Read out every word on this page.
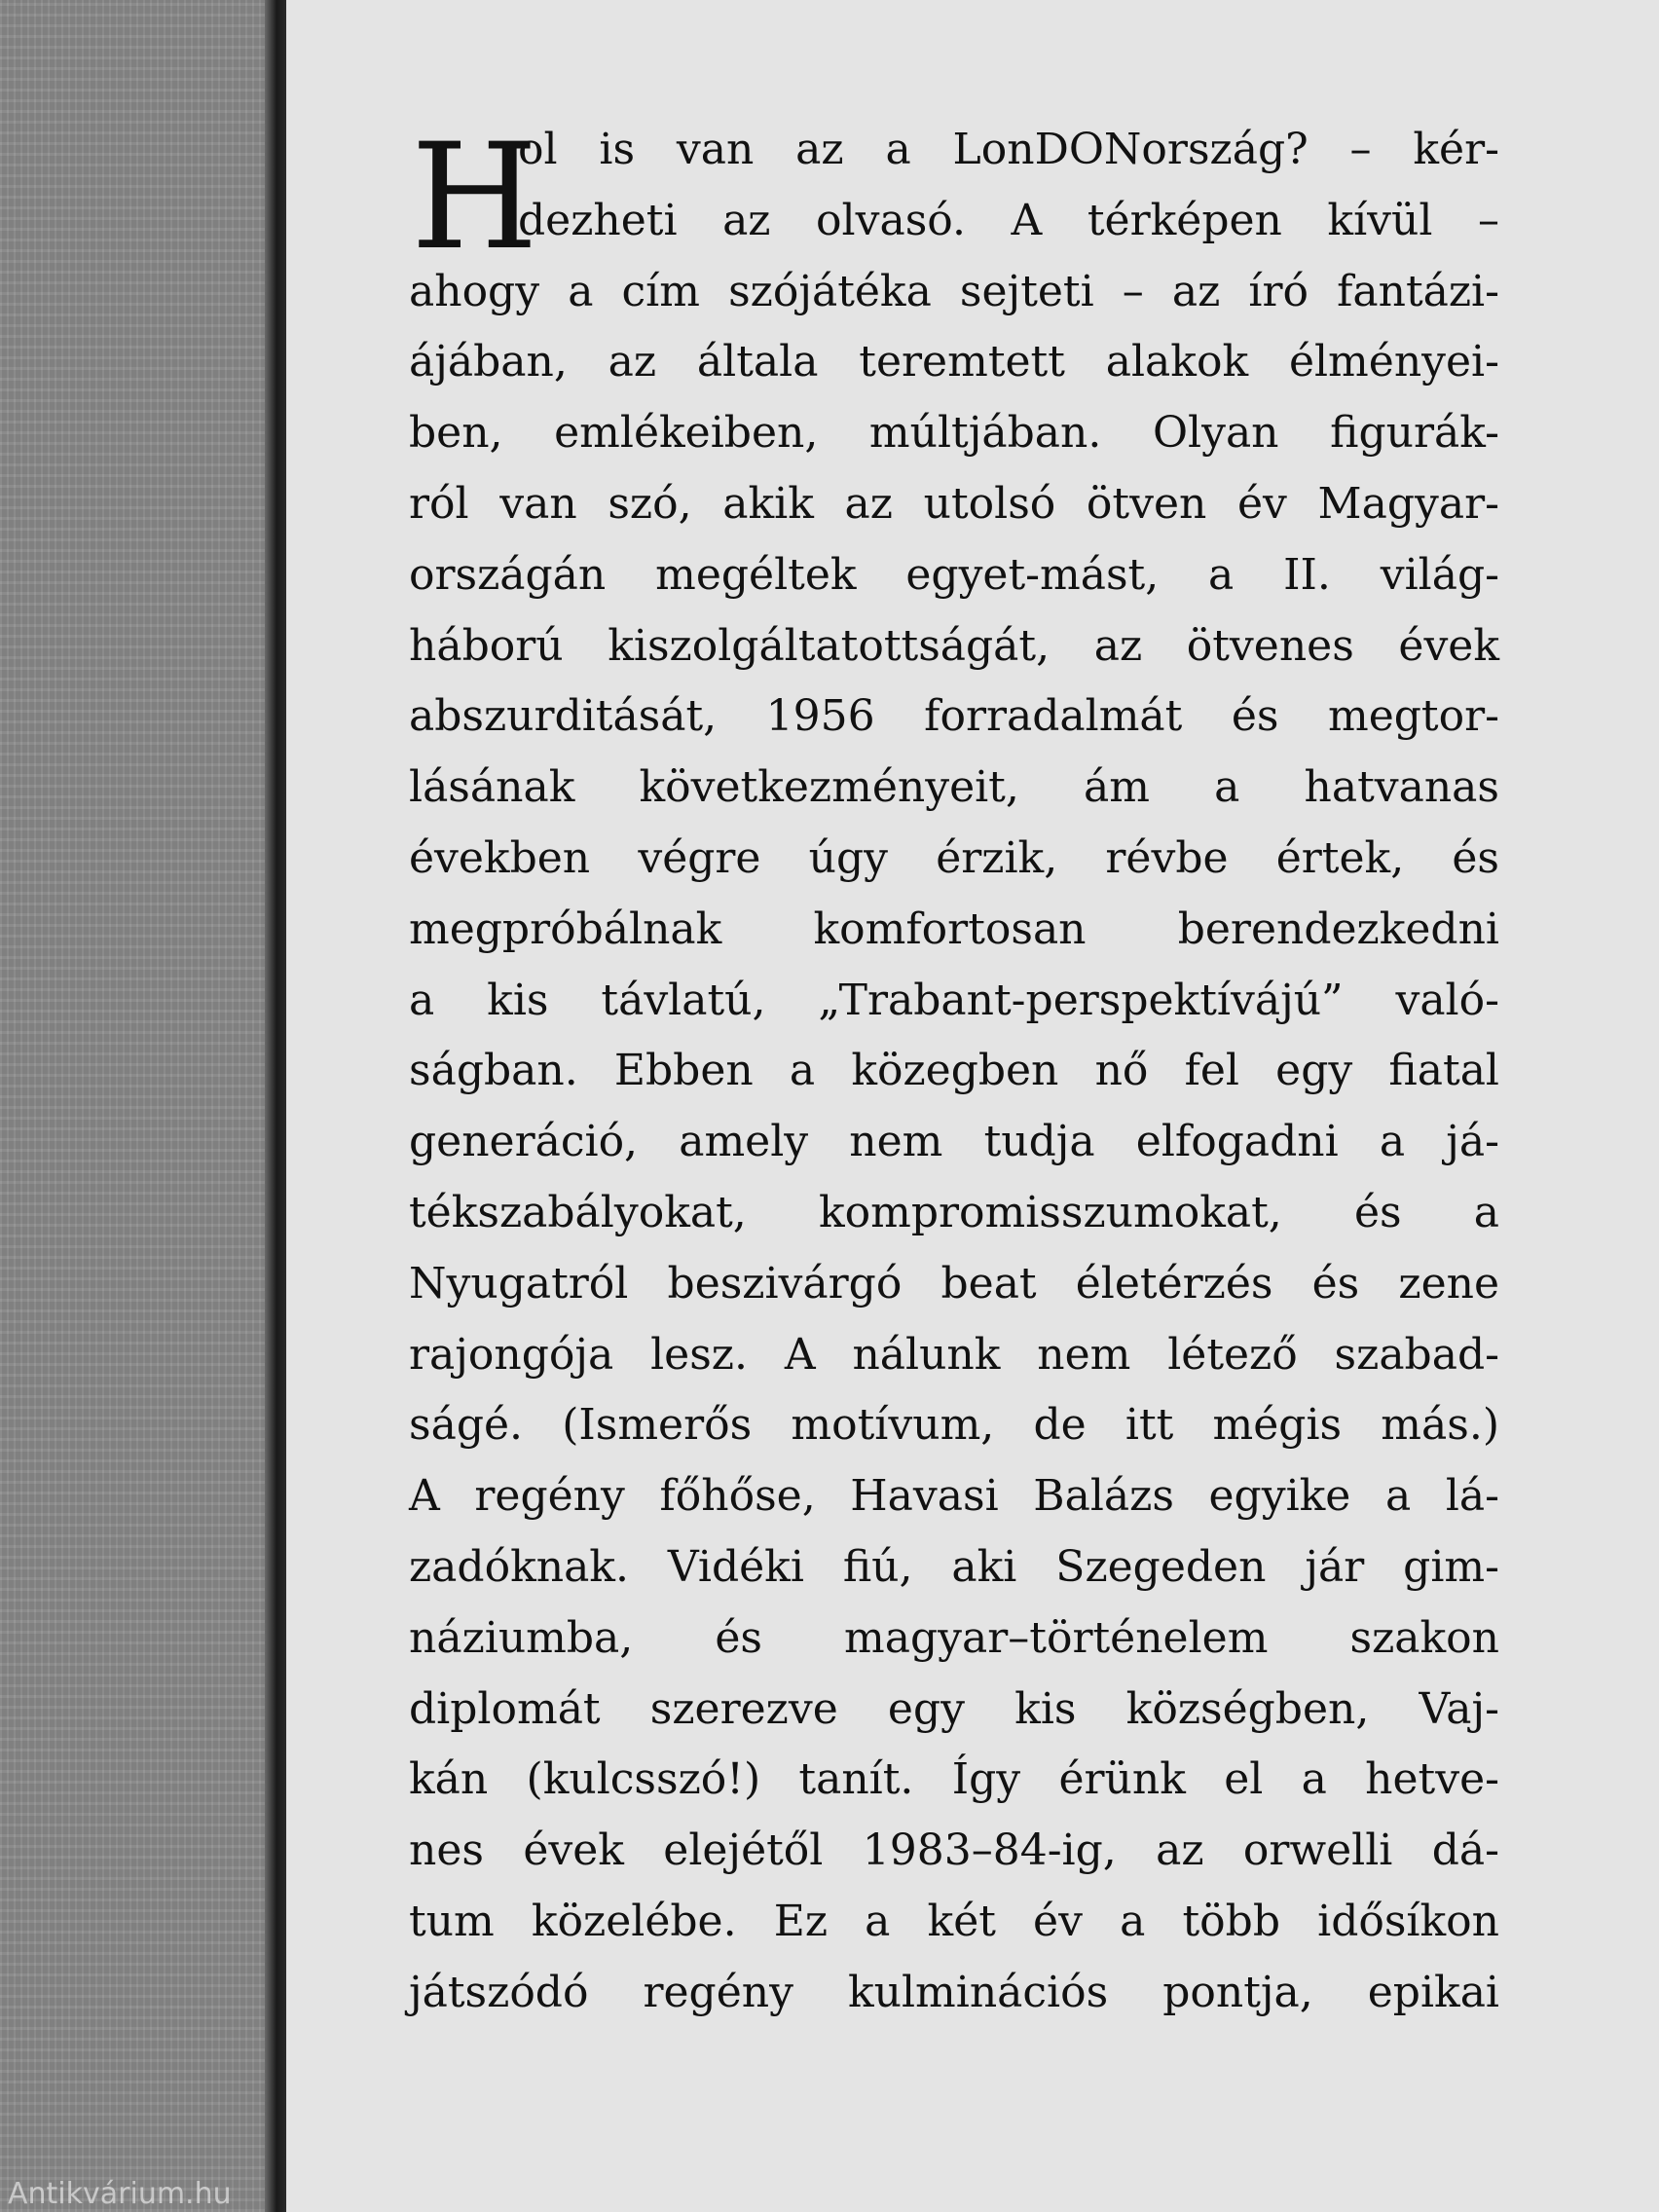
H
ol is van az a LonDONország? – kér-
dezheti az olvasó. A térképen kívül –
ahogy a cím szójátéka sejteti – az író fantázi-
ájában, az általa teremtett alakok élményei-
ben, emlékeiben, múltjában. Olyan figurák-
ról van szó, akik az utolsó ötven év Magyar-
országán megéltek egyet-mást, a II. világ-
háború kiszolgáltatottságát, az ötvenes évek
abszurditását, 1956 forradalmát és megtor-
lásának következményeit, ám a hatvanas
években végre úgy érzik, révbe értek, és
megpróbálnak komfortosan berendezkedni
a kis távlatú, „Trabant-perspektívájú” való-
ságban. Ebben a közegben nő fel egy fiatal
generáció, amely nem tudja elfogadni a já-
tékszabályokat, kompromisszumokat, és a
Nyugatról beszivárgó beat életérzés és zene
rajongója lesz. A nálunk nem létező szabad-
ságé. (Ismerős motívum, de itt mégis más.)
A regény főhőse, Havasi Balázs egyike a lá-
zadóknak. Vidéki fiú, aki Szegeden jár gim-
náziumba, és magyar–történelem szakon
diplomát szerezve egy kis községben, Vaj-
kán (kulcsszó!) tanít. Így érünk el a hetve-
nes évek elejétől 1983–84-ig, az orwelli dá-
tum közelébe. Ez a két év a több idősíkon
játszódó regény kulminációs pontja, epikai
Antikvárium.hu
